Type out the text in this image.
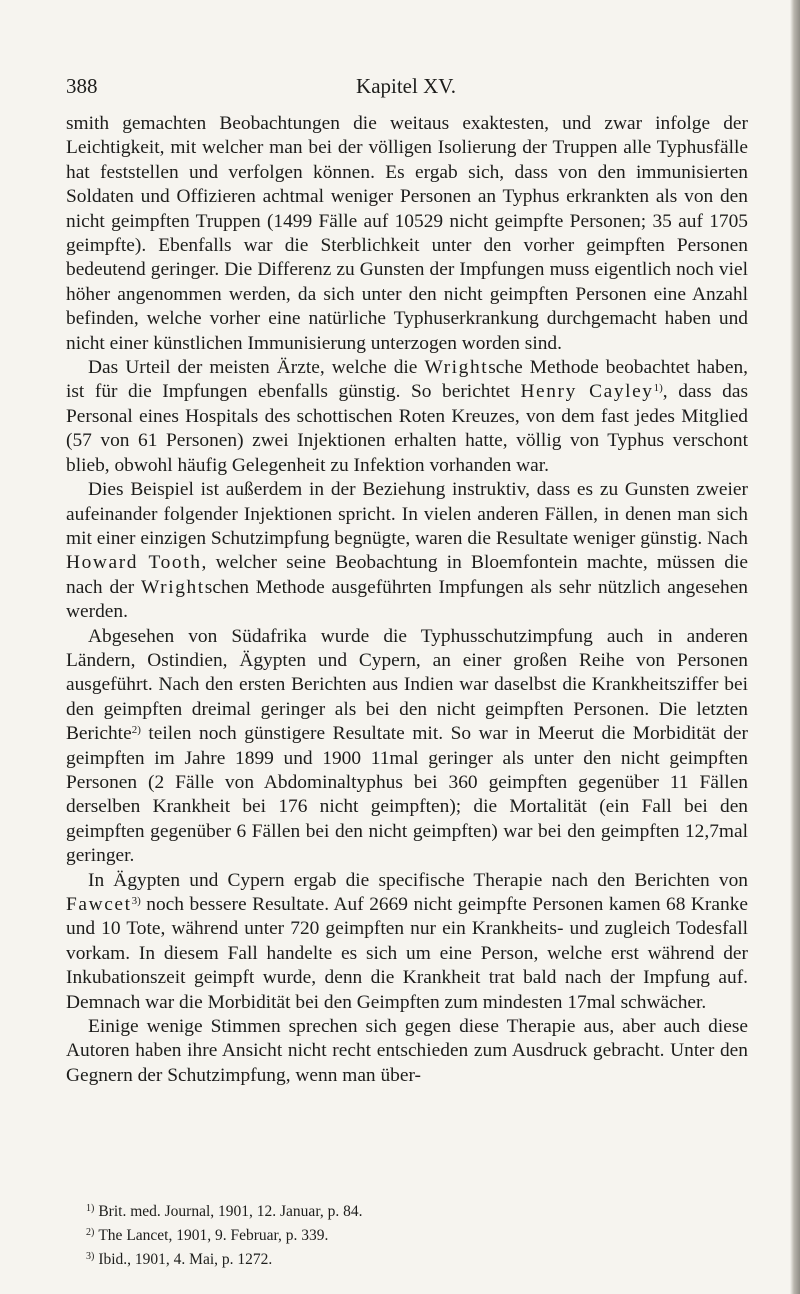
388	Kapitel XV.

smith gemachten Beobachtungen die weitaus exaktesten, und zwar infolge der Leichtigkeit, mit welcher man bei der völligen Isolierung der Truppen alle Typhusfälle hat feststellen und verfolgen können. Es ergab sich, dass von den immunisierten Soldaten und Offizieren achtmal weniger Personen an Typhus erkrankten als von den nicht geimpften Truppen (1499 Fälle auf 10529 nicht geimpfte Personen; 35 auf 1705 geimpfte). Ebenfalls war die Sterblichkeit unter den vorher geimpften Personen bedeutend geringer. Die Differenz zu Gunsten der Impfungen muss eigentlich noch viel höher angenommen werden, da sich unter den nicht geimpften Personen eine Anzahl befinden, welche vorher eine natürliche Typhuserkrankung durchgemacht haben und nicht einer künstlichen Immunisierung unterzogen worden sind.

Das Urteil der meisten Ärzte, welche die Wrightsche Methode beobachtet haben, ist für die Impfungen ebenfalls günstig. So berichtet Henry Cayley$^{1)}$, dass das Personal eines Hospitals des schottischen Roten Kreuzes, von dem fast jedes Mitglied (57 von 61 Personen) zwei Injektionen erhalten hatte, völlig von Typhus verschont blieb, obwohl häufig Gelegenheit zu Infektion vorhanden war.

Dies Beispiel ist außerdem in der Beziehung instruktiv, dass es zu Gunsten zweier aufeinander folgender Injektionen spricht. In vielen anderen Fällen, in denen man sich mit einer einzigen Schutzimpfung begnügte, waren die Resultate weniger günstig. Nach Howard Tooth, welcher seine Beobachtung in Bloemfontein machte, müssen die nach der Wrightschen Methode ausgeführten Impfungen als sehr nützlich angesehen werden.

Abgesehen von Südafrika wurde die Typhusschutzimpfung auch in anderen Ländern, Ostindien, Ägypten und Cypern, an einer großen Reihe von Personen ausgeführt. Nach den ersten Berichten aus Indien war daselbst die Krankheitsziffer bei den geimpften dreimal geringer als bei den nicht geimpften Personen. Die letzten Berichte$^{2)}$ teilen noch günstigere Resultate mit. So war in Meerut die Morbidität der geimpften im Jahre 1899 und 1900 11mal geringer als unter den nicht geimpften Personen (2 Fälle von Abdominaltyphus bei 360 geimpften gegenüber 11 Fällen derselben Krankheit bei 176 nicht geimpften); die Mortalität (ein Fall bei den geimpften gegenüber 6 Fällen bei den nicht geimpften) war bei den geimpften 12,7mal geringer.

In Ägypten und Cypern ergab die specifische Therapie nach den Berichten von Fawcet$^{3)}$ noch bessere Resultate. Auf 2669 nicht geimpfte Personen kamen 68 Kranke und 10 Tote, während unter 720 geimpften nur ein Krankheits- und zugleich Todesfall vorkam. In diesem Fall handelte es sich um eine Person, welche erst während der Inkubationszeit geimpft wurde, denn die Krankheit trat bald nach der Impfung auf. Demnach war die Morbidität bei den Geimpften zum mindesten 17mal schwächer.

Einige wenige Stimmen sprechen sich gegen diese Therapie aus, aber auch diese Autoren haben ihre Ansicht nicht recht entschieden zum Ausdruck gebracht. Unter den Gegnern der Schutzimpfung, wenn man über-

$^{1)}$ Brit. med. Journal, 1901, 12. Januar, p. 84.
$^{2)}$ The Lancet, 1901, 9. Februar, p. 339.
$^{3)}$ Ibid., 1901, 4. Mai, p. 1272.
